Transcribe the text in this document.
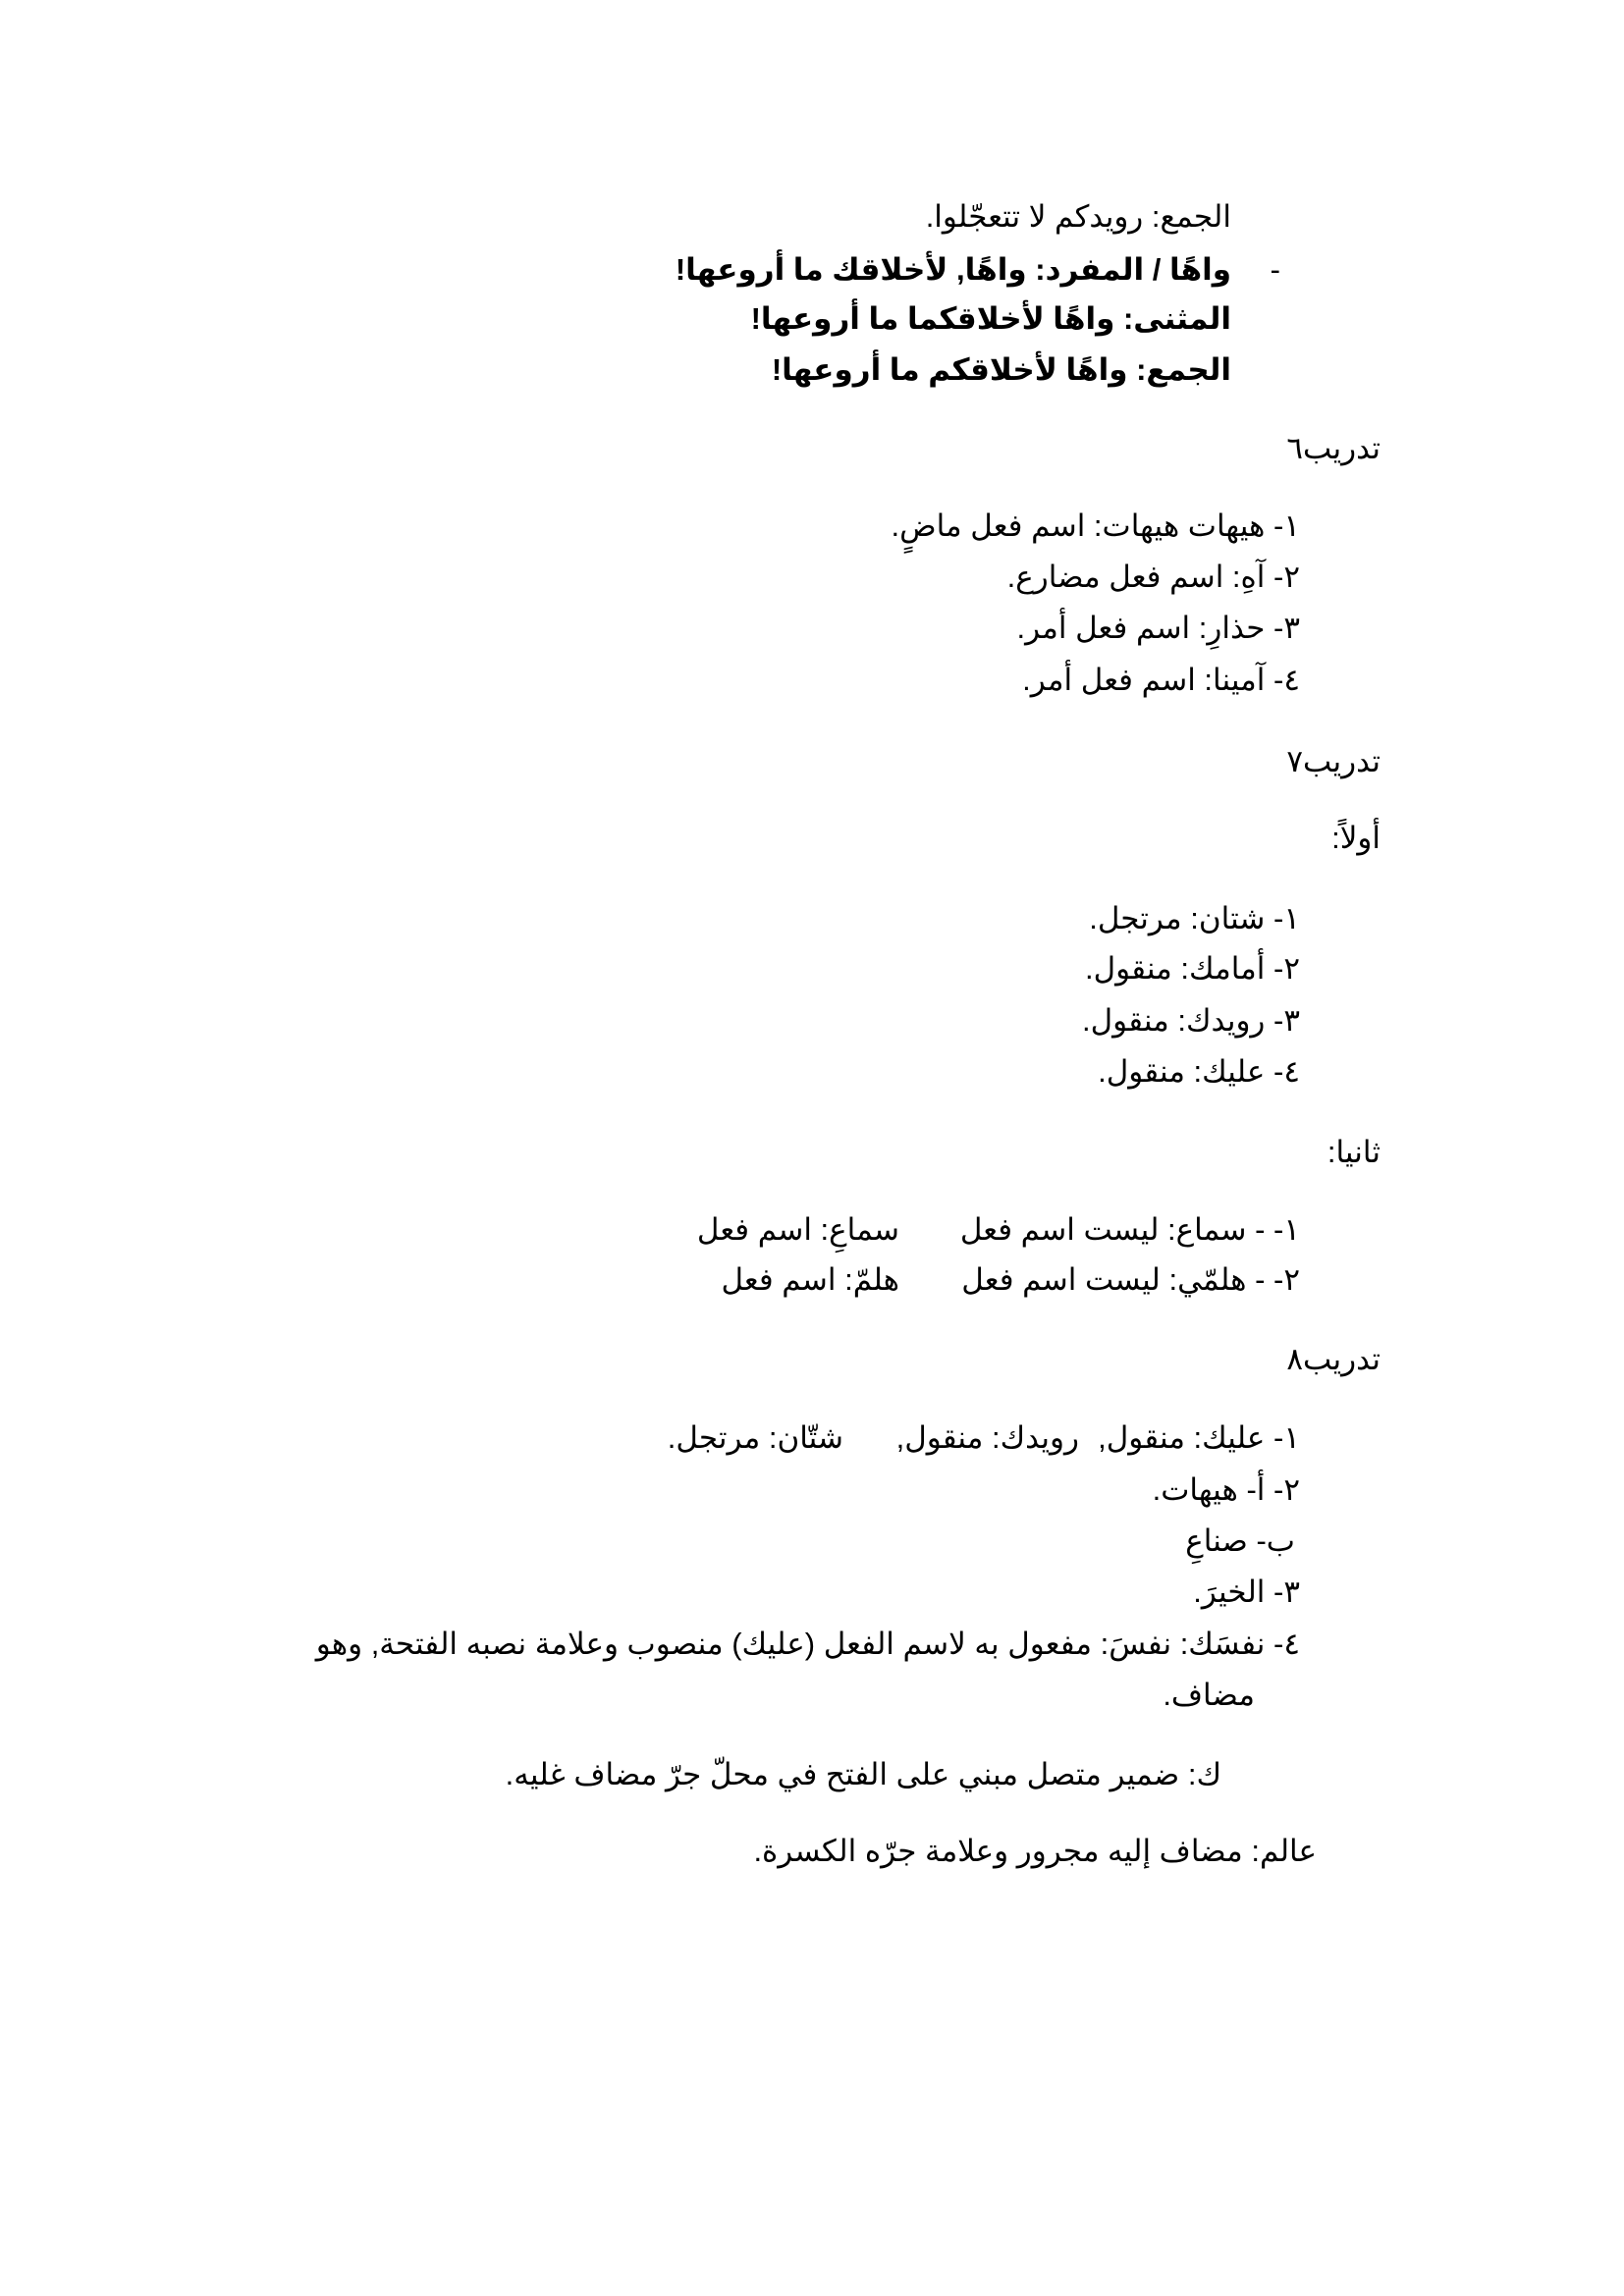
الجمع: رويدكم لا تتعجّلوا.

-

واهًا / المفرد: واهًا, لأخلاقك ما أروعها!

المثنى: واهًا لأخلاقكما ما أروعها!

الجمع: واهًا لأخلاقكم ما أروعها!

تدريب٦

١- هيهات هيهات: اسم فعل ماضٍ.

٢- آهِ: اسم فعل مضارع.

٣- حذارِ: اسم فعل أمر.

٤- آمينا: اسم فعل أمر.

تدريب٧

أولاً:

١- شتان: مرتجل.

٢- أمامك: منقول.

٣- رويدك: منقول.

٤- عليك: منقول.

ثانيا:

١- - سماع: ليست اسم فعل

سماعِ: اسم فعل

٢- - هلمّي: ليست اسم فعل

هلمّ: اسم فعل

تدريب٨

١- عليك: منقول,

رويدك: منقول,

شتّان: مرتجل.

٢- أ- هيهات.

ب- صناعِ

٣- الخيرَ.

٤- نفسَك: نفسَ: مفعول به لاسم الفعل (عليك) منصوب وعلامة نصبه الفتحة, وهو

مضاف.

ك: ضمير متصل مبني على الفتح في محلّ جرّ مضاف غليه.

عالم: مضاف إليه مجرور وعلامة جرّه الكسرة.
